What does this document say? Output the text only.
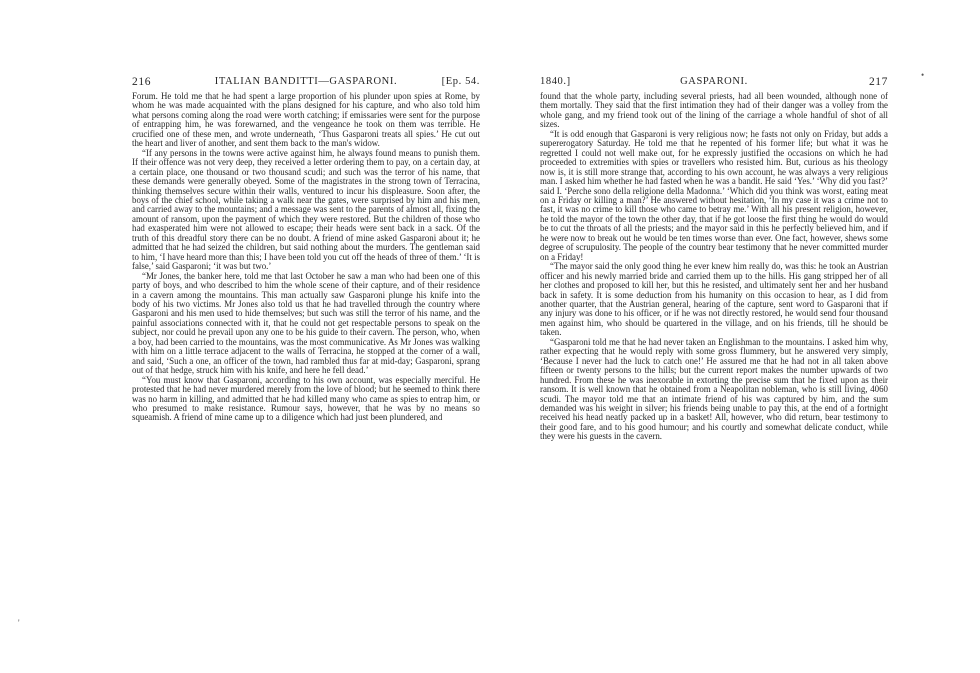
216	ITALIAN BANDITTI—GASPARONI.	[Ep. 54.

Forum. He told me that he had spent a large proportion of his plunder upon spies at Rome, by whom he was made acquainted with the plans designed for his capture, and who also told him what persons coming along the road were worth catching; if emissaries were sent for the purpose of entrapping him, he was forewarned, and the vengeance he took on them was terrible. He crucified one of these men, and wrote underneath, ‘Thus Gasparoni treats all spies.’ He cut out the heart and liver of another, and sent them back to the man's widow.

“If any persons in the towns were active against him, he always found means to punish them. If their offence was not very deep, they received a letter ordering them to pay, on a certain day, at a certain place, one thousand or two thousand scudi; and such was the terror of his name, that these demands were generally obeyed. Some of the magistrates in the strong town of Terracina, thinking themselves secure within their walls, ventured to incur his displeasure. Soon after, the boys of the chief school, while taking a walk near the gates, were surprised by him and his men, and carried away to the mountains; and a message was sent to the parents of almost all, fixing the amount of ransom, upon the payment of which they were restored. But the children of those who had exasperated him were not allowed to escape; their heads were sent back in a sack. Of the truth of this dreadful story there can be no doubt. A friend of mine asked Gasparoni about it; he admitted that he had seized the children, but said nothing about the murders. The gentleman said to him, ‘I have heard more than this; I have been told you cut off the heads of three of them.’ ‘It is false,’ said Gasparoni; ‘it was but two.’

“Mr Jones, the banker here, told me that last October he saw a man who had been one of this party of boys, and who described to him the whole scene of their capture, and of their residence in a cavern among the mountains. This man actually saw Gasparoni plunge his knife into the body of his two victims. Mr Jones also told us that he had travelled through the country where Gasparoni and his men used to hide themselves; but such was still the terror of his name, and the painful associations connected with it, that he could not get respectable persons to speak on the subject, nor could he prevail upon any one to be his guide to their cavern. The person, who, when a boy, had been carried to the mountains, was the most communicative. As Mr Jones was walking with him on a little terrace adjacent to the walls of Terracina, he stopped at the corner of a wall, and said, ‘Such a one, an officer of the town, had rambled thus far at mid-day; Gasparoni, sprang out of that hedge, struck him with his knife, and here he fell dead.’

“You must know that Gasparoni, according to his own account, was especially merciful. He protested that he had never murdered merely from the love of blood; but he seemed to think there was no harm in killing, and admitted that he had killed many who came as spies to entrap him, or who presumed to make resistance. Rumour says, however, that he was by no means so squeamish. A friend of mine came up to a diligence which had just been plundered, and

1840.]	GASPARONI.	217

found that the whole party, including several priests, had all been wounded, although none of them mortally. They said that the first intimation they had of their danger was a volley from the whole gang, and my friend took out of the lining of the carriage a whole handful of shot of all sizes.

“It is odd enough that Gasparoni is very religious now; he fasts not only on Friday, but adds a supererogatory Saturday. He told me that he repented of his former life; but what it was he regretted I could not well make out, for he expressly justified the occasions on which he had proceeded to extremities with spies or travellers who resisted him. But, curious as his theology now is, it is still more strange that, according to his own account, he was always a very religious man. I asked him whether he had fasted when he was a bandit. He said ‘Yes.’ ‘Why did you fast?’ said I. ‘Perche sono della religione della Madonna.’ ‘Which did you think was worst, eating meat on a Friday or killing a man?’ He answered without hesitation, ‘In my case it was a crime not to fast, it was no crime to kill those who came to betray me.’ With all his present religion, however, he told the mayor of the town the other day, that if he got loose the first thing he would do would be to cut the throats of all the priests; and the mayor said in this he perfectly believed him, and if he were now to break out he would be ten times worse than ever. One fact, however, shews some degree of scrupulosity. The people of the country bear testimony that he never committed murder on a Friday!

“The mayor said the only good thing he ever knew him really do, was this: he took an Austrian officer and his newly married bride and carried them up to the hills. His gang stripped her of all her clothes and proposed to kill her, but this he resisted, and ultimately sent her and her husband back in safety. It is some deduction from his humanity on this occasion to hear, as I did from another quarter, that the Austrian general, hearing of the capture, sent word to Gasparoni that if any injury was done to his officer, or if he was not directly restored, he would send four thousand men against him, who should be quartered in the village, and on his friends, till he should be taken.

“Gasparoni told me that he had never taken an Englishman to the mountains. I asked him why, rather expecting that he would reply with some gross flummery, but he answered very simply, ‘Because I never had the luck to catch one!’ He assured me that he had not in all taken above fifteen or twenty persons to the hills; but the current report makes the number upwards of two hundred. From these he was inexorable in extorting the precise sum that he fixed upon as their ransom. It is well known that he obtained from a Neapolitan nobleman, who is still living, 4060 scudi. The mayor told me that an intimate friend of his was captured by him, and the sum demanded was his weight in silver; his friends being unable to pay this, at the end of a fortnight received his head neatly packed up in a basket! All, however, who did return, bear testimony to their good fare, and to his good humour; and his courtly and somewhat delicate conduct, while they were his guests in the cavern.

'
•
